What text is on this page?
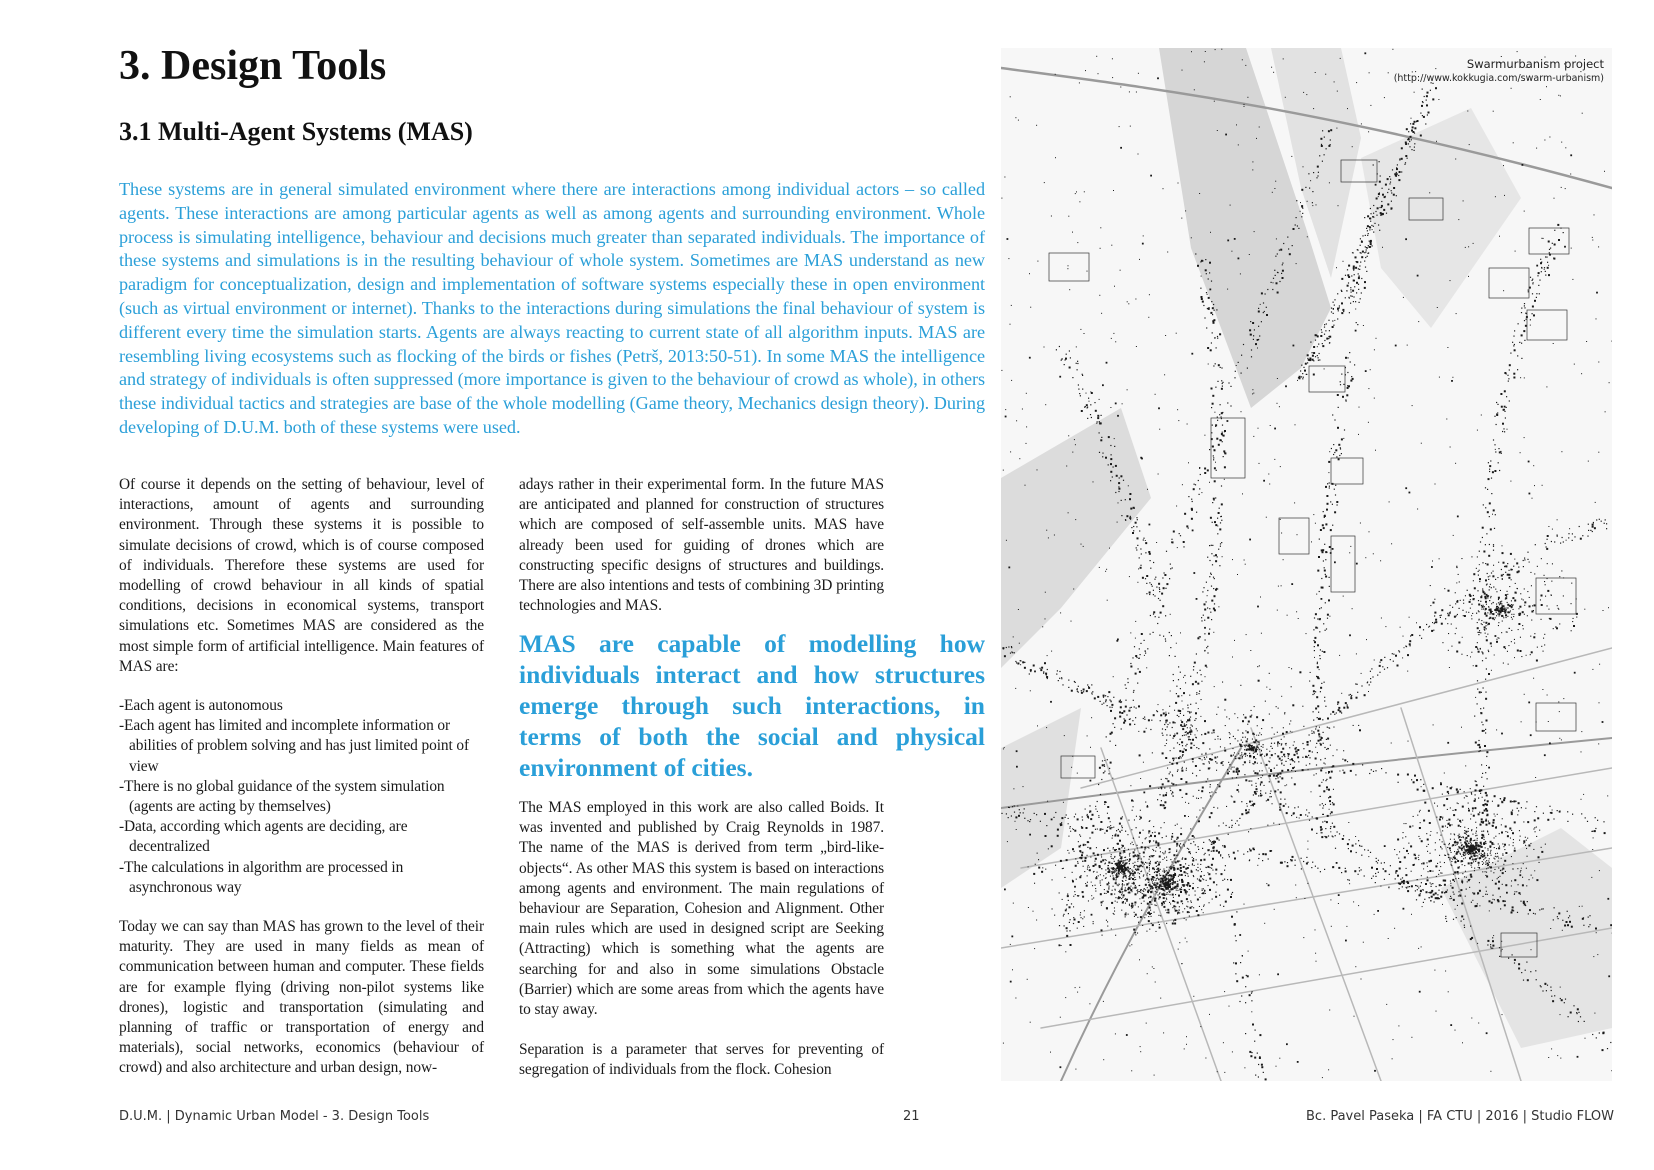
3. Design Tools
3.1 Multi-Agent Systems (MAS)

These systems are in general simulated environment where there are interactions among individual actors – so called agents. These interactions are among particular agents as well as among agents and surrounding environment. Whole process is simulating intelligence, behaviour and decisions much greater than separated individuals. The importance of these systems and simulations is in the resulting behaviour of whole system. Sometimes are MAS understand as new paradigm for conceptualization, design and implementation of software systems especially these in open environment (such as virtual environment or internet). Thanks to the interactions during simulations the final behaviour of system is different every time the simulation starts. Agents are always reacting to current state of all algorithm inputs. MAS are resembling living ecosystems such as flocking of the birds or fishes (Petrš, 2013:50-51). In some MAS the intelligence and strategy of individuals is often suppressed (more importance is given to the behaviour of crowd as whole), in others these individual tactics and strategies are base of the whole modelling (Game theory, Mechanics design theory). During developing of D.U.M. both of these systems were used.

Of course it depends on the setting of behaviour, level of interactions, amount of agents and surrounding environment. Through these systems it is possible to simulate decisions of crowd, which is of course composed of individuals. Therefore these systems are used for modelling of crowd behaviour in all kinds of spatial conditions, decisions in economical systems, transport simulations etc. Sometimes MAS are considered as the most simple form of artificial intelligence. Main features of MAS are:

-Each agent is autonomous
-Each agent has limited and incomplete information or abilities of problem solving and has just limited point of view
-There is no global guidance of the system simulation (agents are acting by themselves)
-Data, according which agents are deciding, are decentralized
-The calculations in algorithm are processed in asynchronous way

Today we can say than MAS has grown to the level of their maturity. They are used in many fields as mean of communication between human and computer. These fields are for example flying (driving non-pilot systems like drones), logistic and transportation (simulating and planning of traffic or transportation of energy and materials), social networks, economics (behaviour of crowd) and also architecture and urban design, now-

adays rather in their experimental form. In the future MAS are anticipated and planned for construction of structures which are composed of self-assemble units. MAS have already been used for guiding of drones which are constructing specific designs of structures and buildings. There are also intentions and tests of combining 3D printing technologies and MAS.

MAS are capable of modelling how individuals interact and how structures emerge through such interactions, in terms of both the social and physical environment of cities.

The MAS employed in this work are also called Boids. It was invented and published by Craig Reynolds in 1987. The name of the MAS is derived from term „bird-like-objects“. As other MAS this system is based on interactions among agents and environment. The main regulations of behaviour are Separation, Cohesion and Alignment. Other main rules which are used in designed script are Seeking (Attracting) which is something what the agents are searching for and also in some simulations Obstacle (Barrier) which are some areas from which the agents have to stay away.

Separation is a parameter that serves for preventing of segregation of individuals from the flock. Cohesion

Swarmurbanism project
(http://www.kokkugia.com/swarm-urbanism)
D.U.M. | Dynamic Urban Model - 3. Design Tools	21	Bc. Pavel Paseka | FA CTU | 2016 | Studio FLOW
